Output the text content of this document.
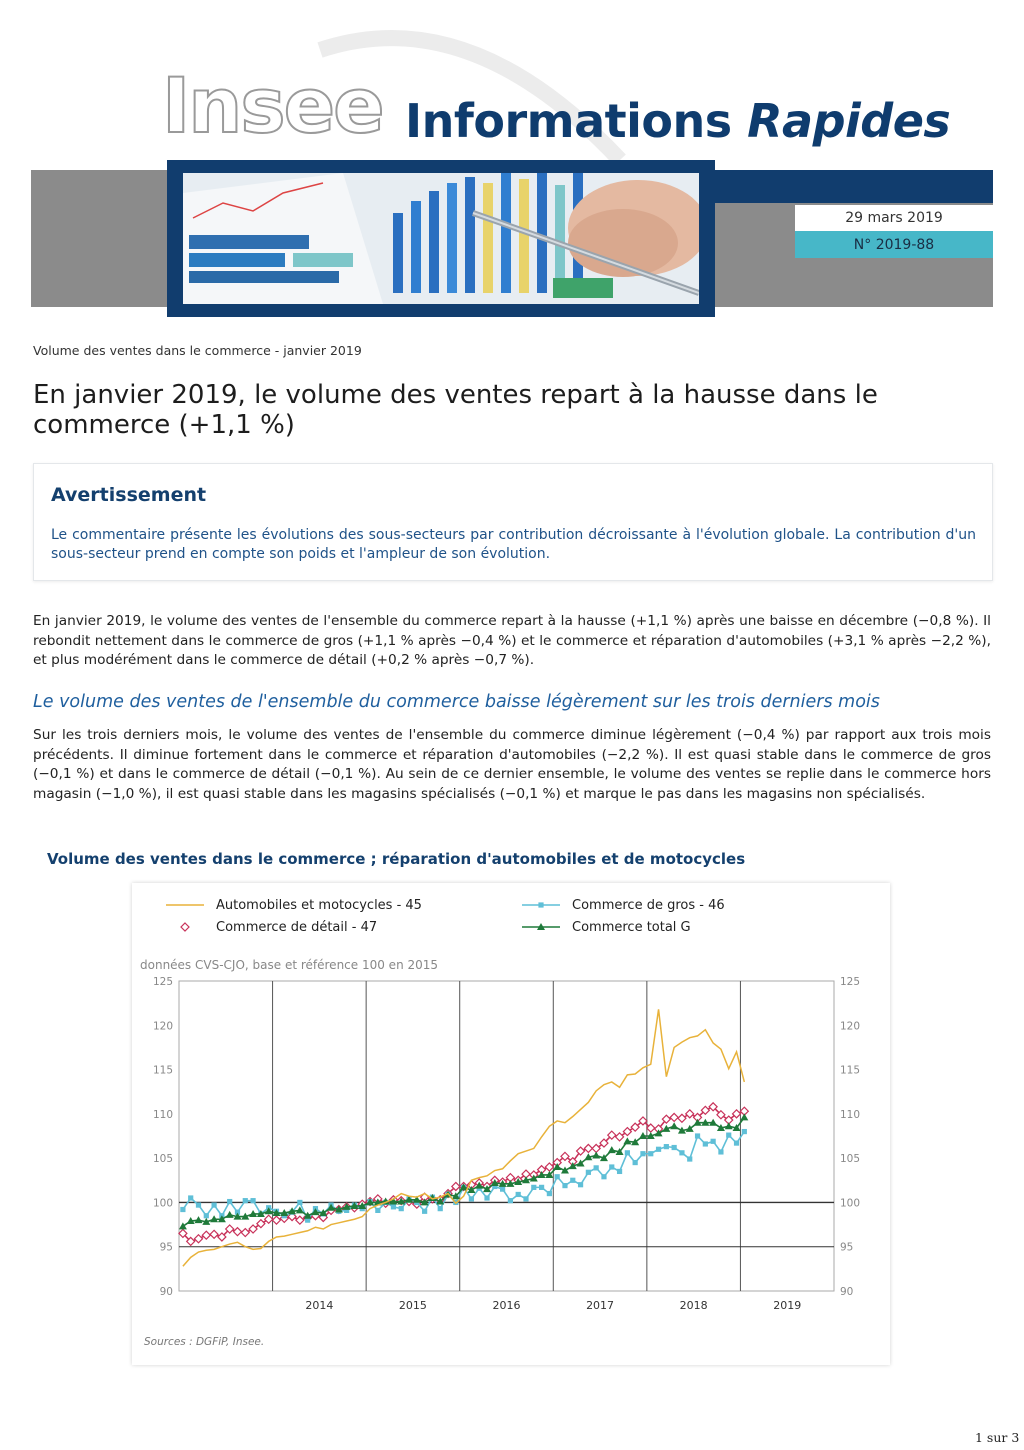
Insee Informations Rapides
29 mars 2019
N° 2019-88
Volume des ventes dans le commerce - janvier 2019
En janvier 2019, le volume des ventes repart à la hausse dans le commerce (+1,1 %)
Avertissement
Le commentaire présente les évolutions des sous-secteurs par contribution décroissante à l'évolution globale. La contribution d'un sous-secteur prend en compte son poids et l'ampleur de son évolution.
En janvier 2019, le volume des ventes de l'ensemble du commerce repart à la hausse (+1,1 %) après une baisse en décembre (−0,8 %). Il rebondit nettement dans le commerce de gros (+1,1 % après −0,4 %) et le commerce et réparation d'automobiles (+3,1 % après −2,2 %), et plus modérément dans le commerce de détail (+0,2 % après −0,7 %).
Le volume des ventes de l'ensemble du commerce baisse légèrement sur les trois derniers mois
Sur les trois derniers mois, le volume des ventes de l'ensemble du commerce diminue légèrement (−0,4 %) par rapport aux trois mois précédents. Il diminue fortement dans le commerce et réparation d'automobiles (−2,2 %). Il est quasi stable dans le commerce de gros (−0,1 %) et dans le commerce de détail (−0,1 %). Au sein de ce dernier ensemble, le volume des ventes se replie dans le commerce hors magasin (−1,0 %), il est quasi stable dans les magasins spécialisés (−0,1 %) et marque le pas dans les magasins non spécialisés.
Volume des ventes dans le commerce ; réparation d'automobiles et de motocycles
Automobiles et motocycles - 45	Commerce de gros - 46
Commerce de détail - 47	Commerce total G
données CVS-CJO, base et référence 100 en 2015
90	90
95	95
100	100
105	105
110	110
115	115
120	120
125	125
2014	2015	2016	2017	2018	2019
Sources : DGFiP, Insee.
1 sur 3
